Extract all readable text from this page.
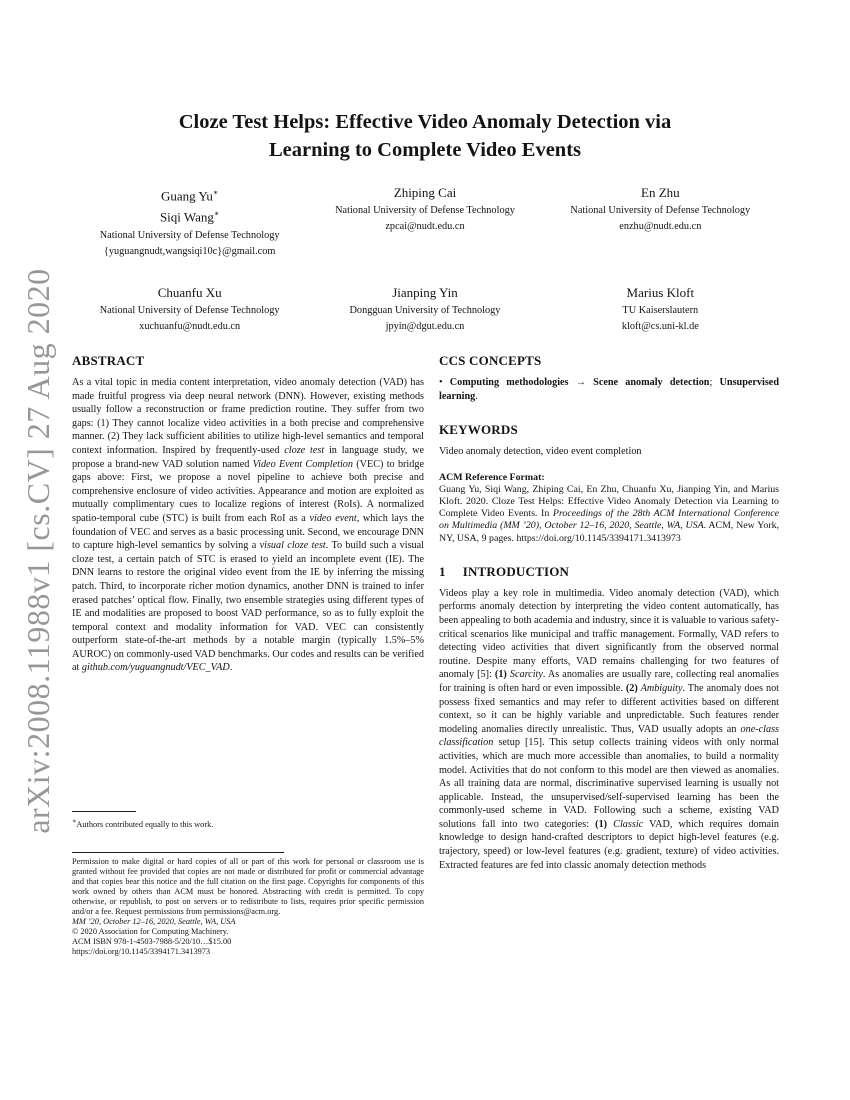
arXiv:2008.11988v1 [cs.CV] 27 Aug 2020
Cloze Test Helps: Effective Video Anomaly Detection via
Learning to Complete Video Events
Guang Yu∗
Siqi Wang∗
National University of Defense Technology
{yuguangnudt,wangsiqi10c}@gmail.com
Zhiping Cai
National University of Defense Technology
zpcai@nudt.edu.cn
En Zhu
National University of Defense Technology
enzhu@nudt.edu.cn
Chuanfu Xu
National University of Defense Technology
xuchuanfu@nudt.edu.cn
Jianping Yin
Dongguan University of Technology
jpyin@dgut.edu.cn
Marius Kloft
TU Kaiserslautern
kloft@cs.uni-kl.de
ABSTRACT

As a vital topic in media content interpretation, video anomaly detection (VAD) has made fruitful progress via deep neural network (DNN). However, existing methods usually follow a reconstruction or frame prediction routine. They suffer from two gaps: (1) They cannot localize video activities in a both precise and comprehensive manner. (2) They lack sufficient abilities to utilize high-level semantics and temporal context information. Inspired by frequently-used cloze test in language study, we propose a brand-new VAD solution named Video Event Completion (VEC) to bridge gaps above: First, we propose a novel pipeline to achieve both precise and comprehensive enclosure of video activities. Appearance and motion are exploited as mutually complimentary cues to localize regions of interest (RoIs). A normalized spatio-temporal cube (STC) is built from each RoI as a video event, which lays the foundation of VEC and serves as a basic processing unit. Second, we encourage DNN to capture high-level semantics by solving a visual cloze test. To build such a visual cloze test, a certain patch of STC is erased to yield an incomplete event (IE). The DNN learns to restore the original video event from the IE by inferring the missing patch. Third, to incorporate richer motion dynamics, another DNN is trained to infer erased patches’ optical flow. Finally, two ensemble strategies using different types of IE and modalities are proposed to boost VAD performance, so as to fully exploit the temporal context and modality information for VAD. VEC can consistently outperform state-of-the-art methods by a notable margin (typically 1.5%–5% AUROC) on commonly-used VAD benchmarks. Our codes and results can be verified at github.com/yuguangnudt/VEC_VAD.

∗Authors contributed equally to this work.

Permission to make digital or hard copies of all or part of this work for personal or classroom use is granted without fee provided that copies are not made or distributed for profit or commercial advantage and that copies bear this notice and the full citation on the first page. Copyrights for components of this work owned by others than ACM must be honored. Abstracting with credit is permitted. To copy otherwise, or republish, to post on servers or to redistribute to lists, requires prior specific permission and/or a fee. Request permissions from permissions@acm.org.

MM ’20, October 12–16, 2020, Seattle, WA, USA
© 2020 Association for Computing Machinery.
ACM ISBN 978-1-4503-7988-5/20/10…$15.00
https://doi.org/10.1145/3394171.3413973
CCS CONCEPTS

• Computing methodologies → Scene anomaly detection; Unsupervised learning.

KEYWORDS

Video anomaly detection, video event completion

ACM Reference Format:

Guang Yu, Siqi Wang, Zhiping Cai, En Zhu, Chuanfu Xu, Jianping Yin, and Marius Kloft. 2020. Cloze Test Helps: Effective Video Anomaly Detection via Learning to Complete Video Events. In Proceedings of the 28th ACM International Conference on Multimedia (MM ’20), October 12–16, 2020, Seattle, WA, USA. ACM, New York, NY, USA, 9 pages. https://doi.org/10.1145/3394171.3413973

1 INTRODUCTION

Videos play a key role in multimedia. Video anomaly detection (VAD), which performs anomaly detection by interpreting the video content automatically, has been appealing to both academia and industry, since it is valuable to various safety-critical scenarios like municipal and traffic management. Formally, VAD refers to detecting video activities that divert significantly from the observed normal routine. Despite many efforts, VAD remains challenging for two features of anomaly [5]: (1) Scarcity. As anomalies are usually rare, collecting real anomalies for training is often hard or even impossible. (2) Ambiguity. The anomaly does not possess fixed semantics and may refer to different activities based on different context, so it can be highly variable and unpredictable. Such features render modeling anomalies directly unrealistic. Thus, VAD usually adopts an one-class classification setup [15]. This setup collects training videos with only normal activities, which are much more accessible than anomalies, to build a normality model. Activities that do not conform to this model are then viewed as anomalies. As all training data are normal, discriminative supervised learning is usually not applicable. Instead, the unsupervised/self-supervised learning has been the commonly-used scheme in VAD. Following such a scheme, existing VAD solutions fall into two categories: (1) Classic VAD, which requires domain knowledge to design hand-crafted descriptors to depict high-level features (e.g. trajectory, speed) or low-level features (e.g. gradient, texture) of video activities. Extracted features are fed into classic anomaly detection methods
